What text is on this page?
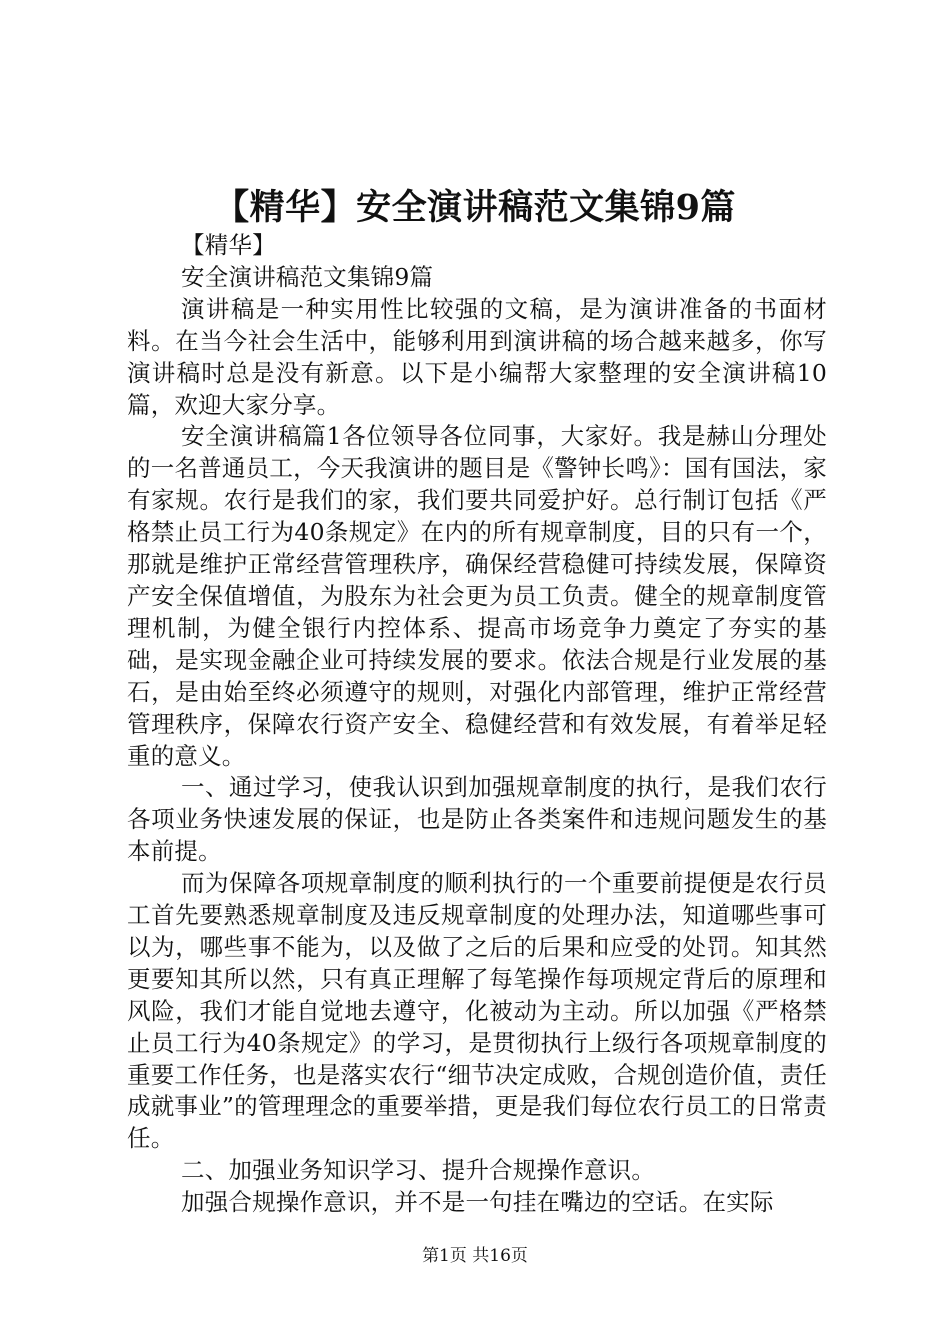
【精华】安全演讲稿范文集锦9篇

【精华】

安全演讲稿范文集锦9篇

演讲稿是一种实用性比较强的文稿，是为演讲准备的书面材料。在当今社会生活中，能够利用到演讲稿的场合越来越多，你写演讲稿时总是没有新意。以下是小编帮大家整理的安全演讲稿10篇，欢迎大家分享。

安全演讲稿篇1各位领导各位同事，大家好。我是赫山分理处的一名普通员工，今天我演讲的题目是《警钟长鸣》：国有国法，家有家规。农行是我们的家，我们要共同爱护好。总行制订包括《严格禁止员工行为40条规定》在内的所有规章制度，目的只有一个，那就是维护正常经营管理秩序，确保经营稳健可持续发展，保障资产安全保值增值，为股东为社会更为员工负责。健全的规章制度管理机制，为健全银行内控体系、提高市场竞争力奠定了夯实的基础，是实现金融企业可持续发展的要求。依法合规是行业发展的基石，是由始至终必须遵守的规则，对强化内部管理，维护正常经营管理秩序，保障农行资产安全、稳健经营和有效发展，有着举足轻重的意义。

一、通过学习，使我认识到加强规章制度的执行，是我们农行各项业务快速发展的保证，也是防止各类案件和违规问题发生的基本前提。

而为保障各项规章制度的顺利执行的一个重要前提便是农行员工首先要熟悉规章制度及违反规章制度的处理办法，知道哪些事可以为，哪些事不能为，以及做了之后的后果和应受的处罚。知其然更要知其所以然，只有真正理解了每笔操作每项规定背后的原理和风险，我们才能自觉地去遵守，化被动为主动。所以加强《严格禁止员工行为40条规定》的学习，是贯彻执行上级行各项规章制度的重要工作任务，也是落实农行“细节决定成败，合规创造价值，责任成就事业”的管理理念的重要举措，更是我们每位农行员工的日常责任。

二、加强业务知识学习、提升合规操作意识。

加强合规操作意识，并不是一句挂在嘴边的空话。在实际

第1页 共16页
